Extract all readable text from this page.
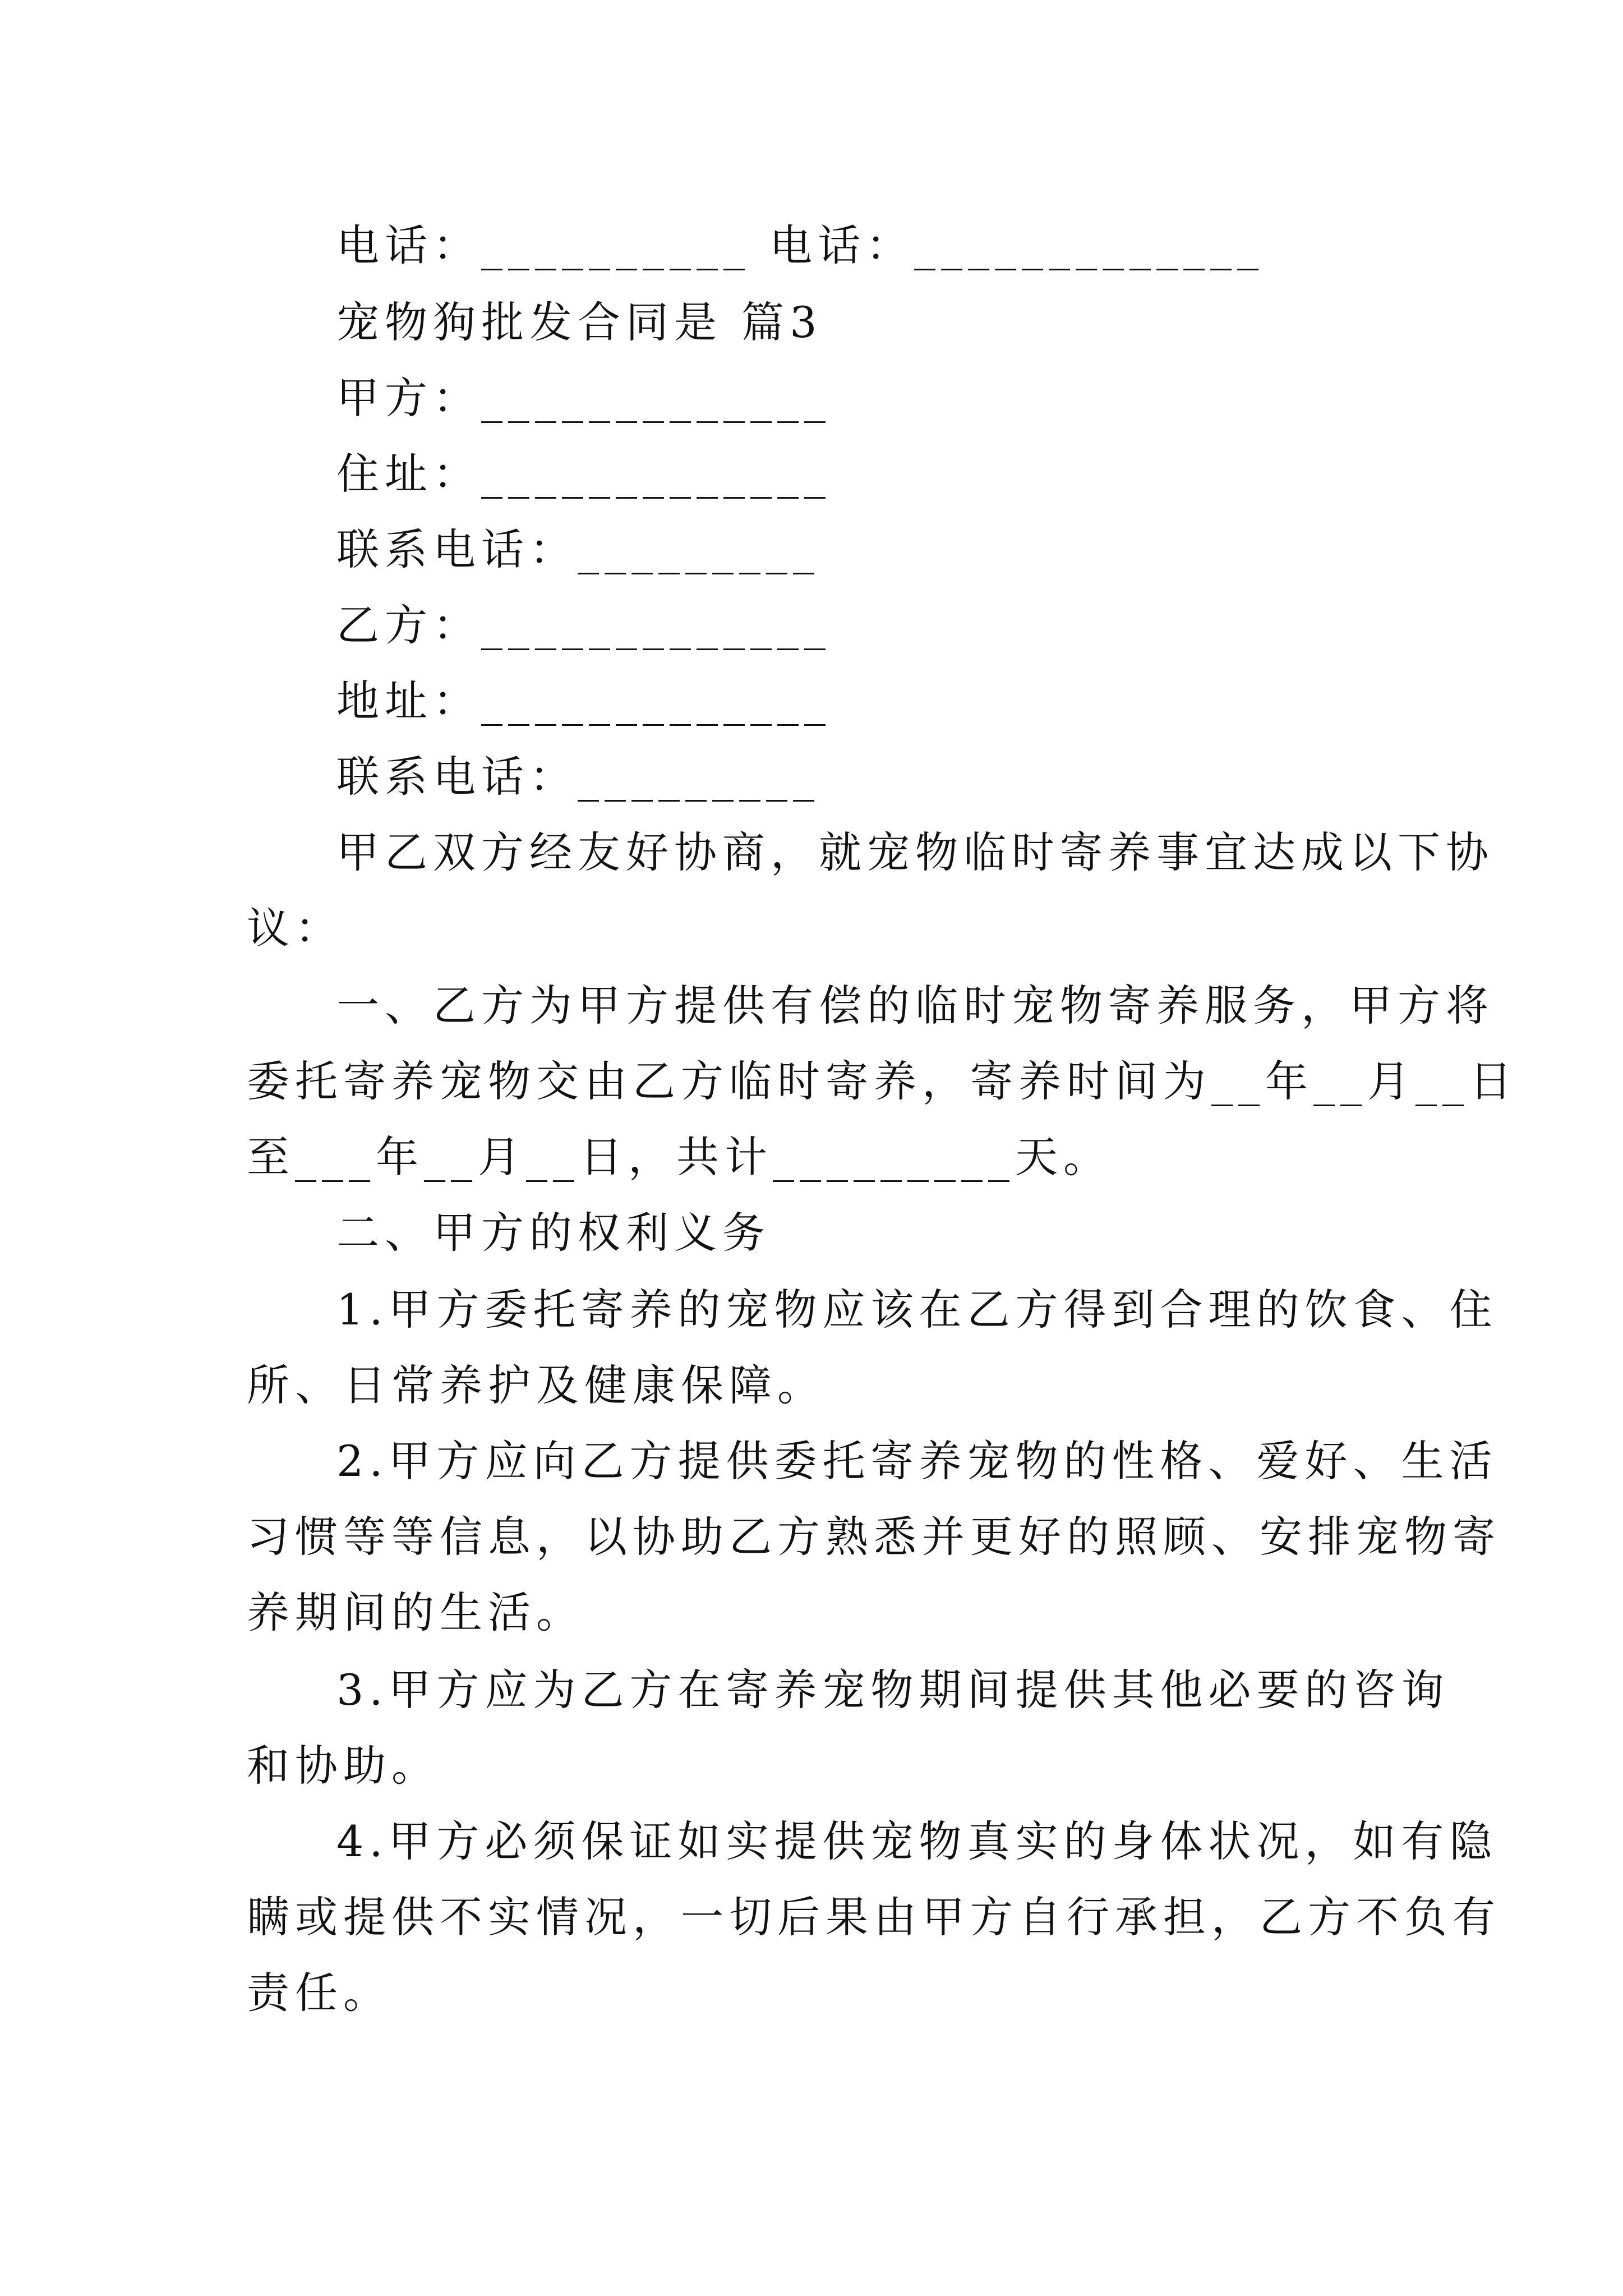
电话：__________ 电话：_____________
宠物狗批发合同是 篇3
甲方：_____________
住址：_____________
联系电话：_________
乙方：_____________
地址：_____________
联系电话：_________
甲乙双方经友好协商，就宠物临时寄养事宜达成以下协
议：
一、乙方为甲方提供有偿的临时宠物寄养服务，甲方将
委托寄养宠物交由乙方临时寄养，寄养时间为__年__月__日
至___年__月__日，共计_________天。
二、甲方的权利义务
1.甲方委托寄养的宠物应该在乙方得到合理的饮食、住
所、日常养护及健康保障。
2.甲方应向乙方提供委托寄养宠物的性格、爱好、生活
习惯等等信息，以协助乙方熟悉并更好的照顾、安排宠物寄
养期间的生活。
3.甲方应为乙方在寄养宠物期间提供其他必要的咨询
和协助。
4.甲方必须保证如实提供宠物真实的身体状况，如有隐
瞒或提供不实情况，一切后果由甲方自行承担，乙方不负有
责任。
